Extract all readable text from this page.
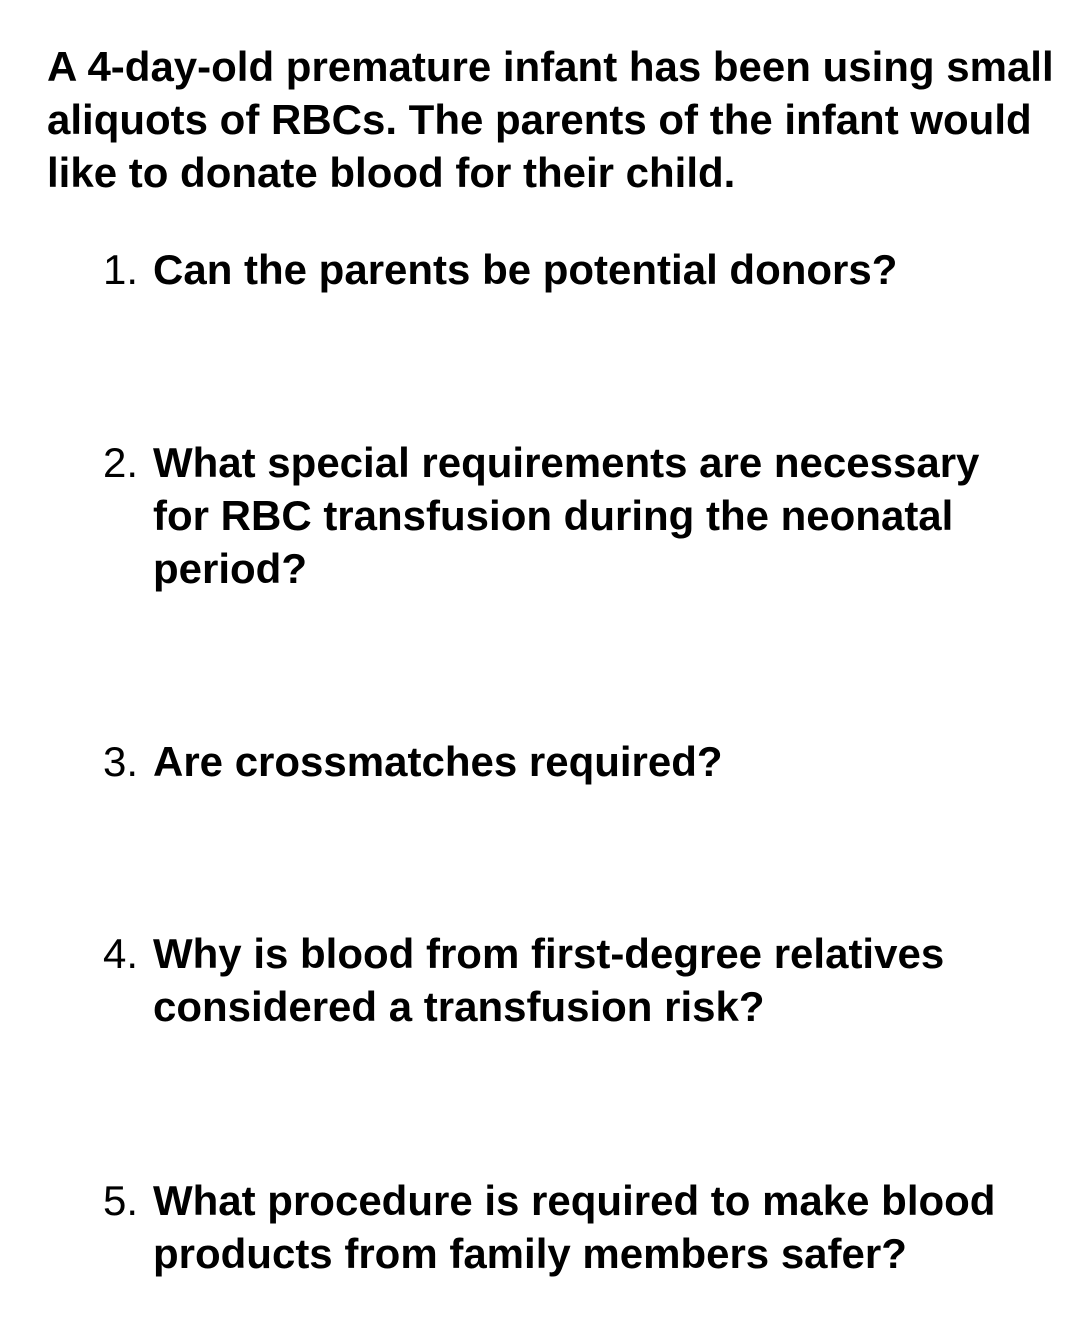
A 4-day-old premature infant has been using small aliquots of RBCs. The parents of the infant would like to donate blood for their child.

1. Can the parents be potential donors?
2. What special requirements are necessary for RBC transfusion during the neonatal period?
3. Are crossmatches required?
4. Why is blood from first-degree relatives considered a transfusion risk?
5. What procedure is required to make blood products from family members safer?
